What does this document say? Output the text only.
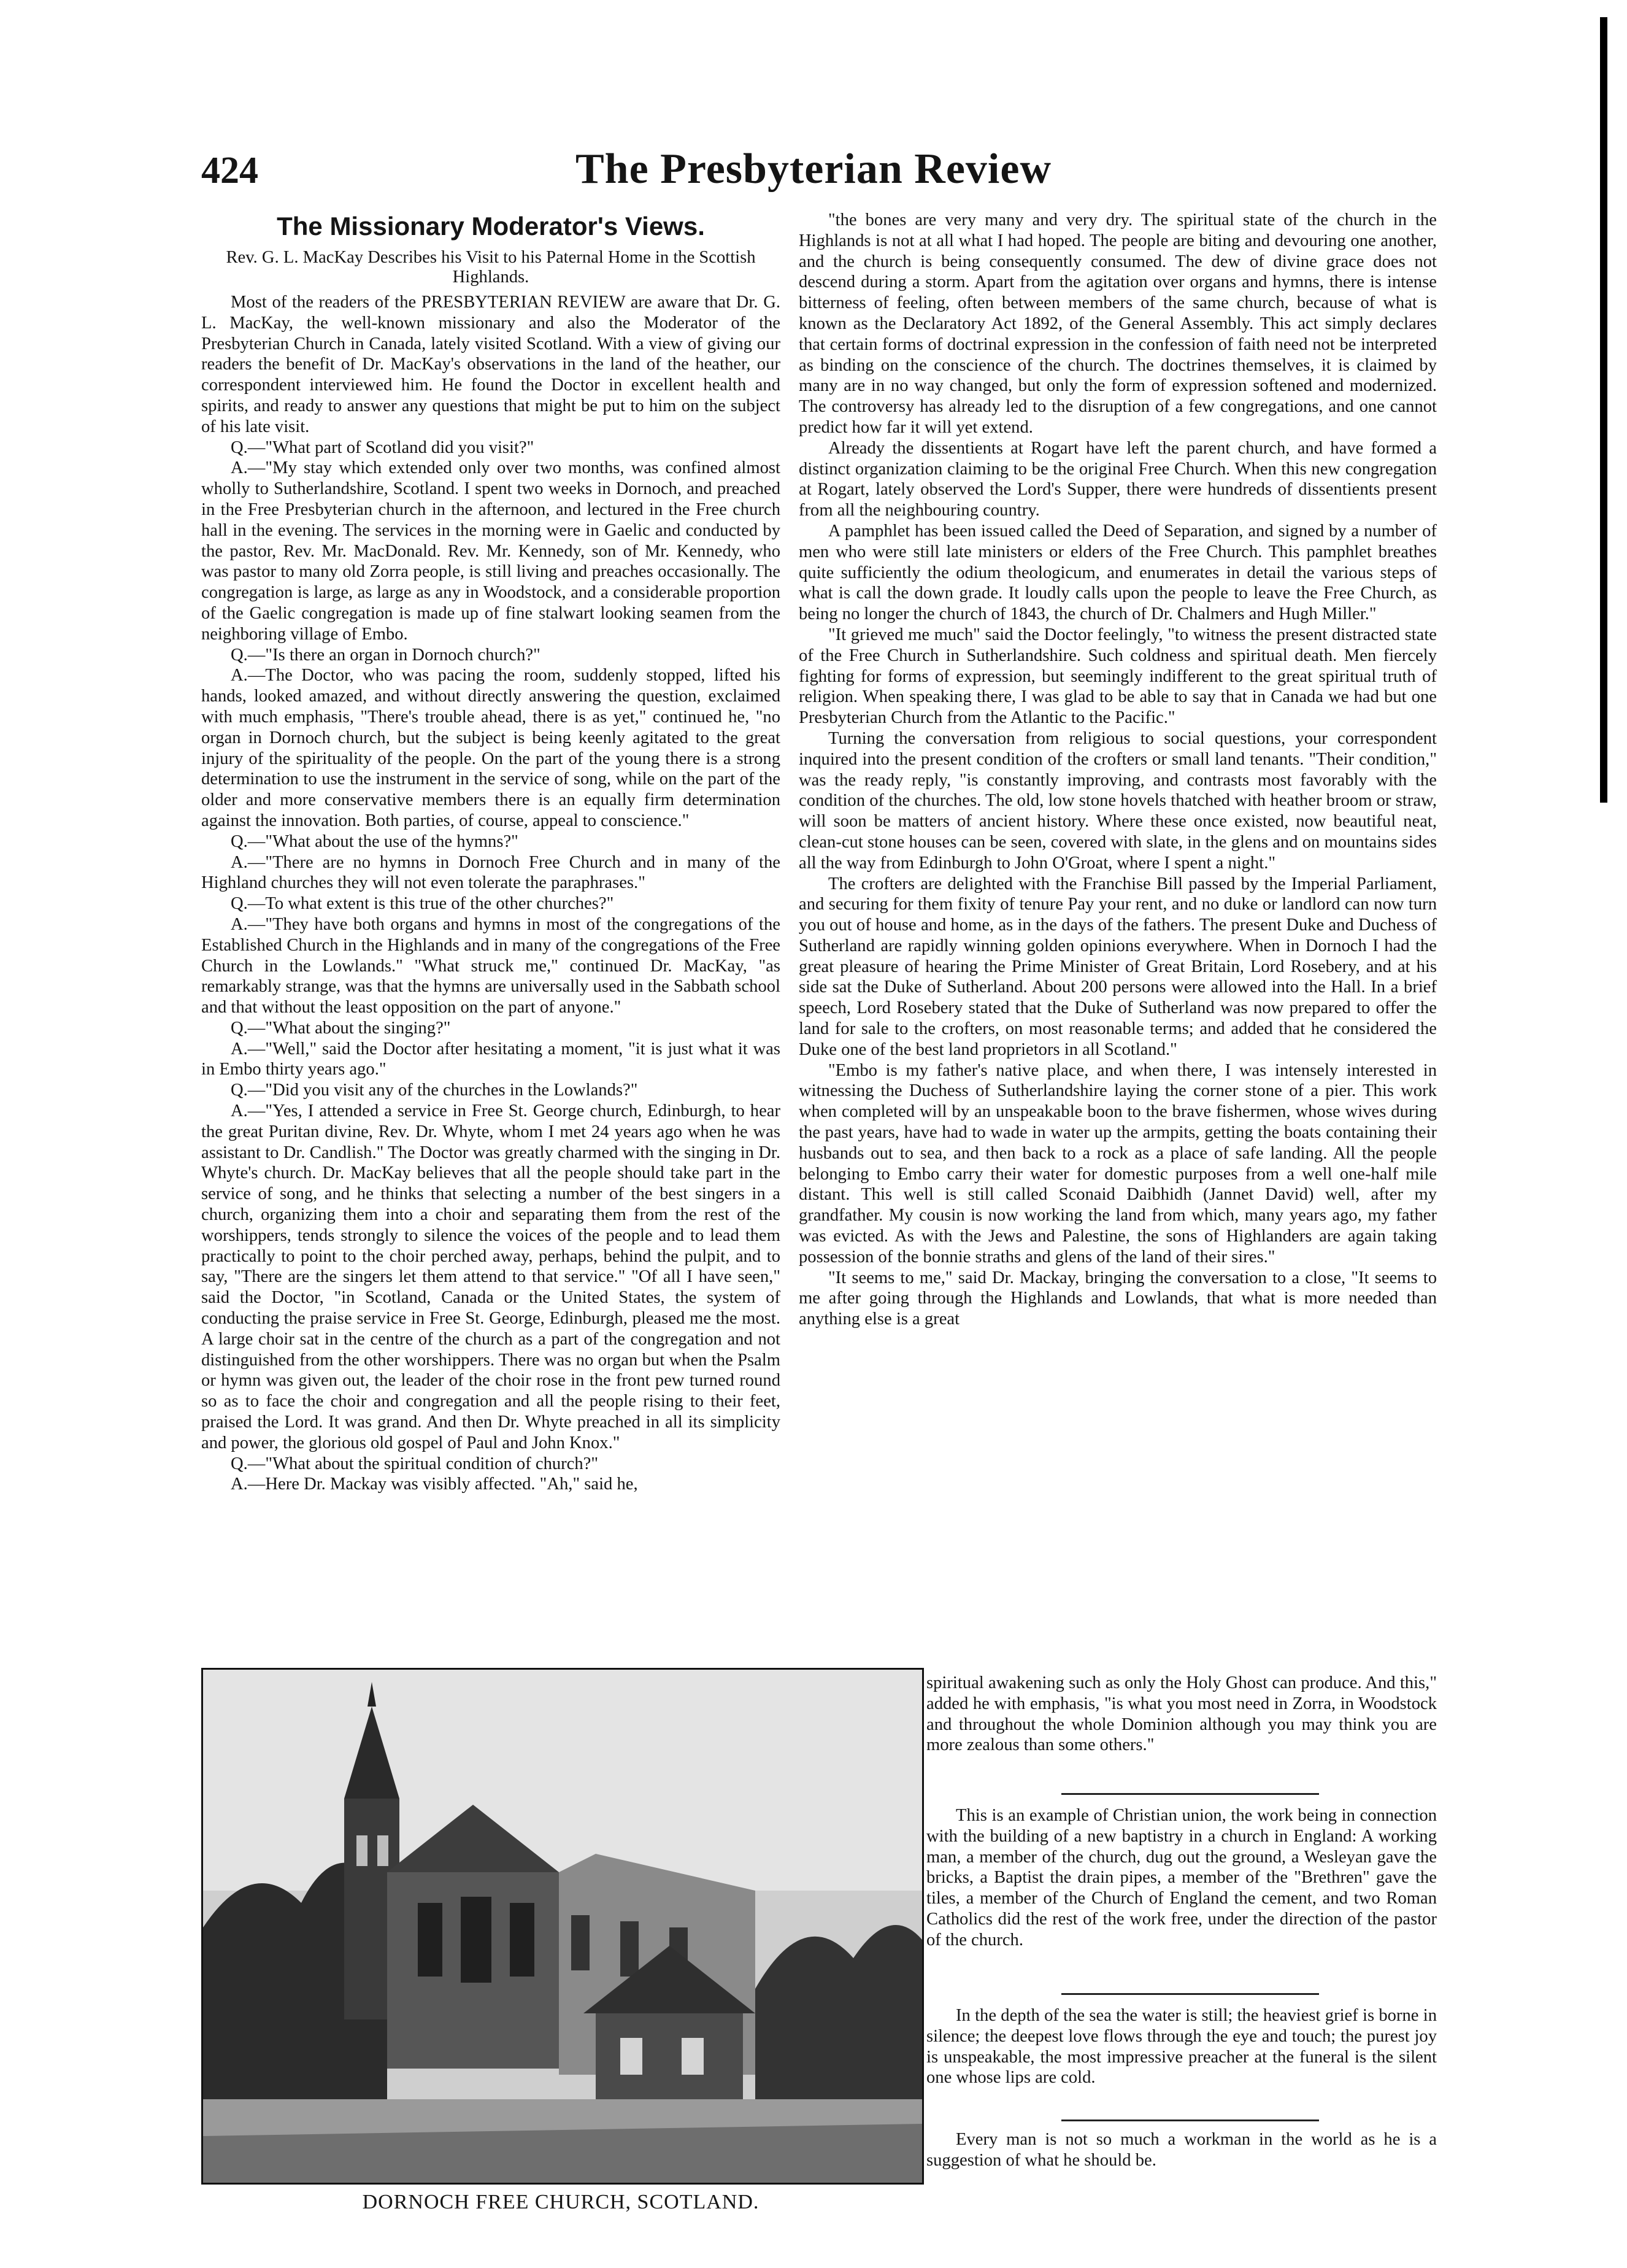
424	The Presbyterian Review
The Missionary Moderator's Views.

Rev. G. L. MacKay Describes his Visit to his Paternal Home in the Scottish Highlands.

Most of the readers of the PRESBYTERIAN REVIEW are aware that Dr. G. L. MacKay, the well-known missionary and also the Moderator of the Presbyterian Church in Canada, lately visited Scotland. With a view of giving our readers the benefit of Dr. MacKay's observations in the land of the heather, our correspondent interviewed him. He found the Doctor in excellent health and spirits, and ready to answer any questions that might be put to him on the subject of his late visit.

Q.—"What part of Scotland did you visit?"

A.—"My stay which extended only over two months, was confined almost wholly to Sutherlandshire, Scotland. I spent two weeks in Dornoch, and preached in the Free Presbyterian church in the afternoon, and lectured in the Free church hall in the evening. The services in the morning were in Gaelic and conducted by the pastor, Rev. Mr. MacDonald. Rev. Mr. Kennedy, son of Mr. Kennedy, who was pastor to many old Zorra people, is still living and preaches occasionally. The congregation is large, as large as any in Woodstock, and a considerable proportion of the Gaelic congregation is made up of fine stalwart looking seamen from the neighboring village of Embo.

Q.—"Is there an organ in Dornoch church?"

A.—The Doctor, who was pacing the room, suddenly stopped, lifted his hands, looked amazed, and without directly answering the question, exclaimed with much emphasis, "There's trouble ahead, there is as yet," continued he, "no organ in Dornoch church, but the subject is being keenly agitated to the great injury of the spirituality of the people. On the part of the young there is a strong determination to use the instrument in the service of song, while on the part of the older and more conservative members there is an equally firm determination against the innovation. Both parties, of course, appeal to conscience."

Q.—"What about the use of the hymns?"

A.—"There are no hymns in Dornoch Free Church and in many of the Highland churches they will not even tolerate the paraphrases."

Q.—To what extent is this true of the other churches?"

A.—"They have both organs and hymns in most of the congregations of the Established Church in the Highlands and in many of the congregations of the Free Church in the Lowlands." "What struck me," continued Dr. MacKay, "as remarkably strange, was that the hymns are universally used in the Sabbath school and that without the least opposition on the part of anyone."

Q.—"What about the singing?"

A.—"Well," said the Doctor after hesitating a moment, "it is just what it was in Embo thirty years ago."

Q.—"Did you visit any of the churches in the Lowlands?"

A.—"Yes, I attended a service in Free St. George church, Edinburgh, to hear the great Puritan divine, Rev. Dr. Whyte, whom I met 24 years ago when he was assistant to Dr. Candlish." The Doctor was greatly charmed with the singing in Dr. Whyte's church. Dr. MacKay believes that all the people should take part in the service of song, and he thinks that selecting a number of the best singers in a church, organizing them into a choir and separating them from the rest of the worshippers, tends strongly to silence the voices of the people and to lead them practically to point to the choir perched away, perhaps, behind the pulpit, and to say, "There are the singers let them attend to that service." "Of all I have seen," said the Doctor, "in Scotland, Canada or the United States, the system of conducting the praise service in Free St. George, Edinburgh, pleased me the most. A large choir sat in the centre of the church as a part of the congregation and not distinguished from the other worshippers. There was no organ but when the Psalm or hymn was given out, the leader of the choir rose in the front pew turned round so as to face the choir and congregation and all the people rising to their feet, praised the Lord. It was grand. And then Dr. Whyte preached in all its simplicity and power, the glorious old gospel of Paul and John Knox."

Q.—"What about the spiritual condition of church?"

A.—Here Dr. Mackay was visibly affected. "Ah," said he,

"the bones are very many and very dry. The spiritual state of the church in the Highlands is not at all what I had hoped. The people are biting and devouring one another, and the church is being consequently consumed. The dew of divine grace does not descend during a storm. Apart from the agitation over organs and hymns, there is intense bitterness of feeling, often between members of the same church, because of what is known as the Declaratory Act 1892, of the General Assembly. This act simply declares that certain forms of doctrinal expression in the confession of faith need not be interpreted as binding on the conscience of the church. The doctrines themselves, it is claimed by many are in no way changed, but only the form of expression softened and modernized. The controversy has already led to the disruption of a few congregations, and one cannot predict how far it will yet extend.

Already the dissentients at Rogart have left the parent church, and have formed a distinct organization claiming to be the original Free Church. When this new congregation at Rogart, lately observed the Lord's Supper, there were hundreds of dissentients present from all the neighbouring country.

A pamphlet has been issued called the Deed of Separation, and signed by a number of men who were still late ministers or elders of the Free Church. This pamphlet breathes quite sufficiently the odium theologicum, and enumerates in detail the various steps of what is call the down grade. It loudly calls upon the people to leave the Free Church, as being no longer the church of 1843, the church of Dr. Chalmers and Hugh Miller."

"It grieved me much" said the Doctor feelingly, "to witness the present distracted state of the Free Church in Sutherlandshire. Such coldness and spiritual death. Men fiercely fighting for forms of expression, but seemingly indifferent to the great spiritual truth of religion. When speaking there, I was glad to be able to say that in Canada we had but one Presbyterian Church from the Atlantic to the Pacific."

Turning the conversation from religious to social questions, your correspondent inquired into the present condition of the crofters or small land tenants. "Their condition," was the ready reply, "is constantly improving, and contrasts most favorably with the condition of the churches. The old, low stone hovels thatched with heather broom or straw, will soon be matters of ancient history. Where these once existed, now beautiful neat, clean-cut stone houses can be seen, covered with slate, in the glens and on mountains sides all the way from Edinburgh to John O'Groat, where I spent a night."

The crofters are delighted with the Franchise Bill passed by the Imperial Parliament, and securing for them fixity of tenure Pay your rent, and no duke or landlord can now turn you out of house and home, as in the days of the fathers. The present Duke and Duchess of Sutherland are rapidly winning golden opinions everywhere. When in Dornoch I had the great pleasure of hearing the Prime Minister of Great Britain, Lord Rosebery, and at his side sat the Duke of Sutherland. About 200 persons were allowed into the Hall. In a brief speech, Lord Rosebery stated that the Duke of Sutherland was now prepared to offer the land for sale to the crofters, on most reasonable terms; and added that he considered the Duke one of the best land proprietors in all Scotland."

"Embo is my father's native place, and when there, I was intensely interested in witnessing the Duchess of Sutherlandshire laying the corner stone of a pier. This work when completed will by an unspeakable boon to the brave fishermen, whose wives during the past years, have had to wade in water up the armpits, getting the boats containing their husbands out to sea, and then back to a rock as a place of safe landing. All the people belonging to Embo carry their water for domestic purposes from a well one-half mile distant. This well is still called Sconaid Daibhidh (Jannet David) well, after my grandfather. My cousin is now working the land from which, many years ago, my father was evicted. As with the Jews and Palestine, the sons of Highlanders are again taking possession of the bonnie straths and glens of the land of their sires."

"It seems to me," said Dr. Mackay, bringing the conversation to a close, "It seems to me after going through the Highlands and Lowlands, that what is more needed than anything else is a great

spiritual awakening such as only the Holy Ghost can produce. And this," added he with emphasis, "is what you most need in Zorra, in Woodstock and throughout the whole Dominion although you may think you are more zealous than some others."

DORNOCH FREE CHURCH, SCOTLAND.

This is an example of Christian union, the work being in connection with the building of a new baptistry in a church in England: A working man, a member of the church, dug out the ground, a Wesleyan gave the bricks, a Baptist the drain pipes, a member of the "Brethren" gave the tiles, a member of the Church of England the cement, and two Roman Catholics did the rest of the work free, under the direction of the pastor of the church.

In the depth of the sea the water is still; the heaviest grief is borne in silence; the deepest love flows through the eye and touch; the purest joy is unspeakable, the most impressive preacher at the funeral is the silent one whose lips are cold.

Every man is not so much a workman in the world as he is a suggestion of what he should be.
